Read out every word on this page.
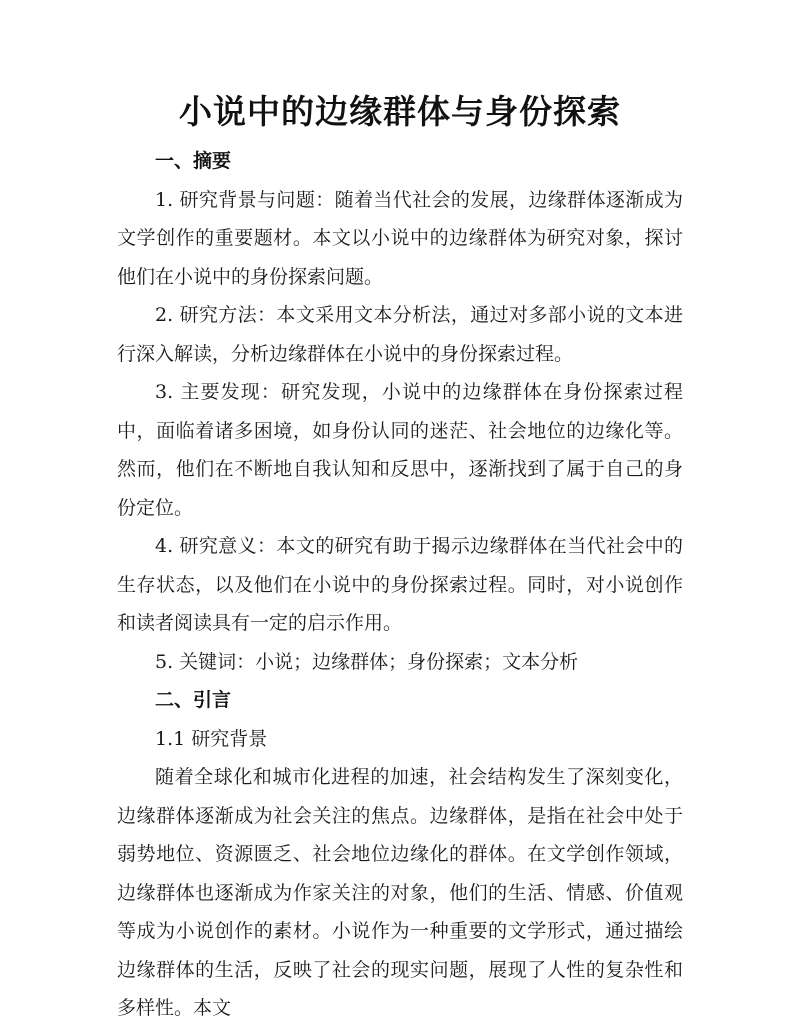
小说中的边缘群体与身份探索

一、摘要

1. 研究背景与问题：随着当代社会的发展，边缘群体逐渐成为文学创作的重要题材。本文以小说中的边缘群体为研究对象，探讨他们在小说中的身份探索问题。

2. 研究方法：本文采用文本分析法，通过对多部小说的文本进行深入解读，分析边缘群体在小说中的身份探索过程。

3. 主要发现：研究发现，小说中的边缘群体在身份探索过程中，面临着诸多困境，如身份认同的迷茫、社会地位的边缘化等。然而，他们在不断地自我认知和反思中，逐渐找到了属于自己的身份定位。

4. 研究意义：本文的研究有助于揭示边缘群体在当代社会中的生存状态，以及他们在小说中的身份探索过程。同时，对小说创作和读者阅读具有一定的启示作用。

5. 关键词：小说；边缘群体；身份探索；文本分析

二、引言

1.1 研究背景

随着全球化和城市化进程的加速，社会结构发生了深刻变化，边缘群体逐渐成为社会关注的焦点。边缘群体，是指在社会中处于弱势地位、资源匮乏、社会地位边缘化的群体。在文学创作领域，边缘群体也逐渐成为作家关注的对象，他们的生活、情感、价值观等成为小说创作的素材。小说作为一种重要的文学形式，通过描绘边缘群体的生活，反映了社会的现实问题，展现了人性的复杂性和多样性。本文
